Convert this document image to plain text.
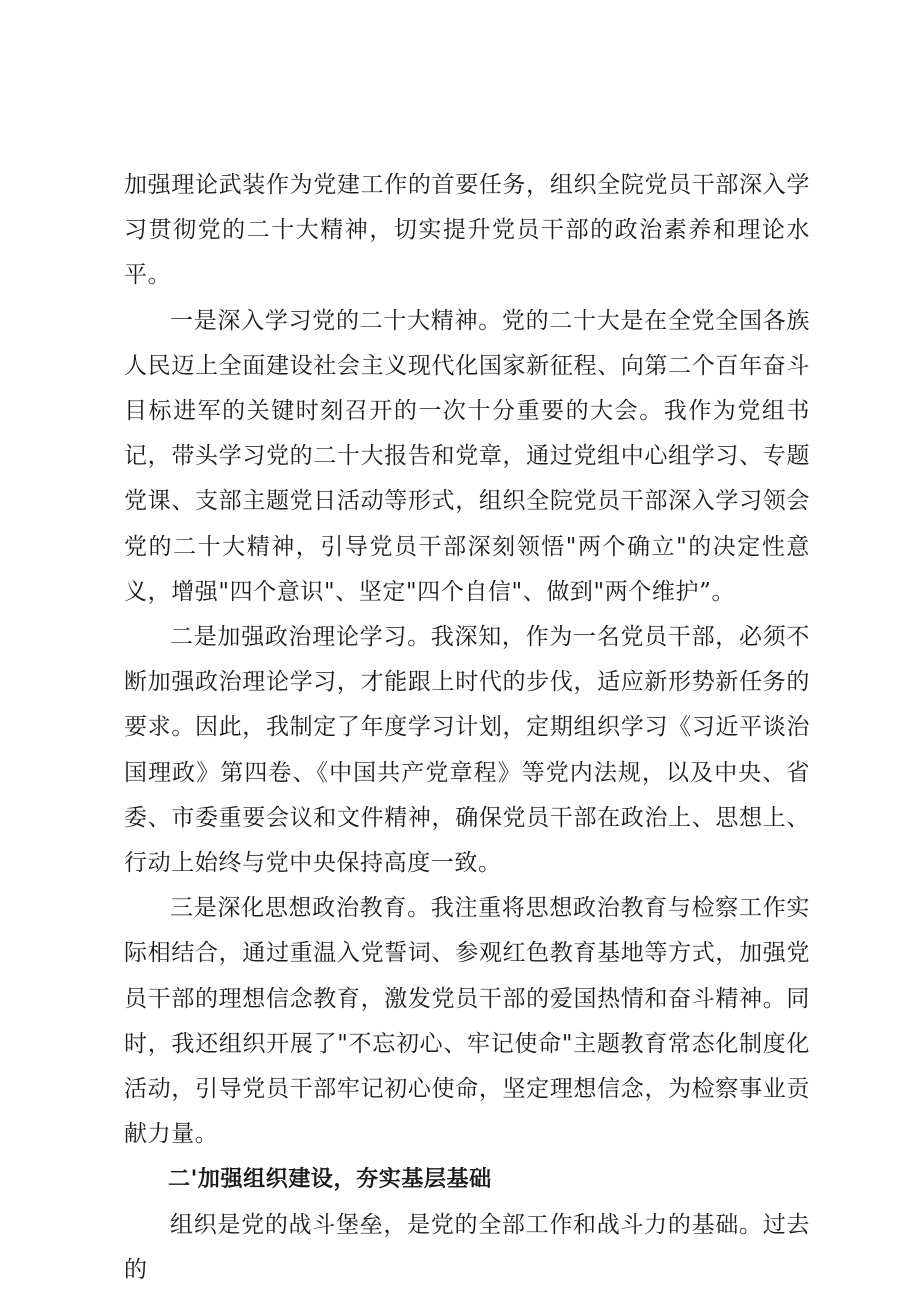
加强理论武装作为党建工作的首要任务，组织全院党员干部深入学习贯彻党的二十大精神，切实提升党员干部的政治素养和理论水平。

一是深入学习党的二十大精神。党的二十大是在全党全国各族人民迈上全面建设社会主义现代化国家新征程、向第二个百年奋斗目标进军的关键时刻召开的一次十分重要的大会。我作为党组书记，带头学习党的二十大报告和党章，通过党组中心组学习、专题党课、支部主题党日活动等形式，组织全院党员干部深入学习领会党的二十大精神，引导党员干部深刻领悟"两个确立"的决定性意义，增强"四个意识"、坚定"四个自信"、做到"两个维护”。

二是加强政治理论学习。我深知，作为一名党员干部，必须不断加强政治理论学习，才能跟上时代的步伐，适应新形势新任务的要求。因此，我制定了年度学习计划，定期组织学习《习近平谈治国理政》第四卷、《中国共产党章程》等党内法规，以及中央、省委、市委重要会议和文件精神，确保党员干部在政治上、思想上、行动上始终与党中央保持高度一致。

三是深化思想政治教育。我注重将思想政治教育与检察工作实际相结合，通过重温入党誓词、参观红色教育基地等方式，加强党员干部的理想信念教育，激发党员干部的爱国热情和奋斗精神。同时，我还组织开展了"不忘初心、牢记使命"主题教育常态化制度化活动，引导党员干部牢记初心使命，坚定理想信念，为检察事业贡献力量。

二'加强组织建设，夯实基层基础

组织是党的战斗堡垒，是党的全部工作和战斗力的基础。过去的
